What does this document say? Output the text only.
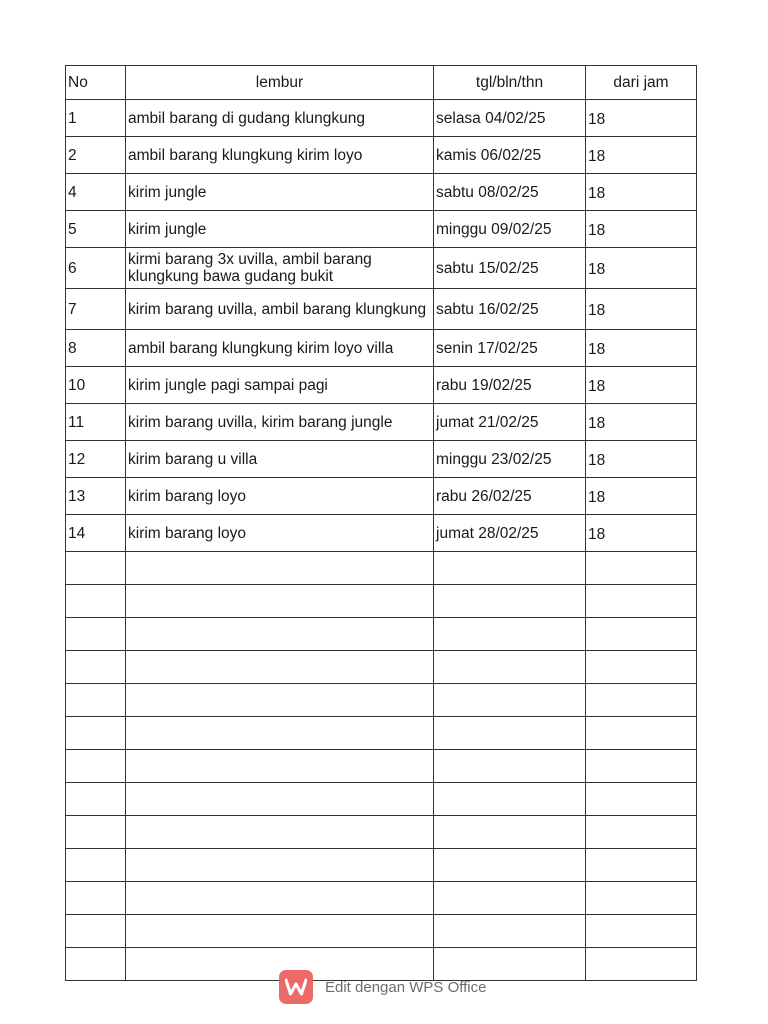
No	lembur	tgl/bln/thn	dari jam
1	ambil barang di gudang klungkung	selasa 04/02/25	18
2	ambil barang klungkung kirim loyo	kamis 06/02/25	18
4	kirim jungle	sabtu 08/02/25	18
5	kirim jungle	minggu 09/02/25	18
6	kirmi barang 3x uvilla, ambil barang klungkung bawa gudang bukit	sabtu 15/02/25	18
7	kirim barang uvilla, ambil barang klungkung	sabtu 16/02/25	18
8	ambil barang klungkung kirim loyo villa	senin 17/02/25	18
10	kirim jungle pagi sampai pagi	rabu 19/02/25	18
11	kirim barang uvilla, kirim barang jungle	jumat 21/02/25	18
12	kirim barang u villa	minggu 23/02/25	18
13	kirim barang loyo	rabu 26/02/25	18
14	kirim barang loyo	jumat 28/02/25	18

Edit dengan WPS Office
